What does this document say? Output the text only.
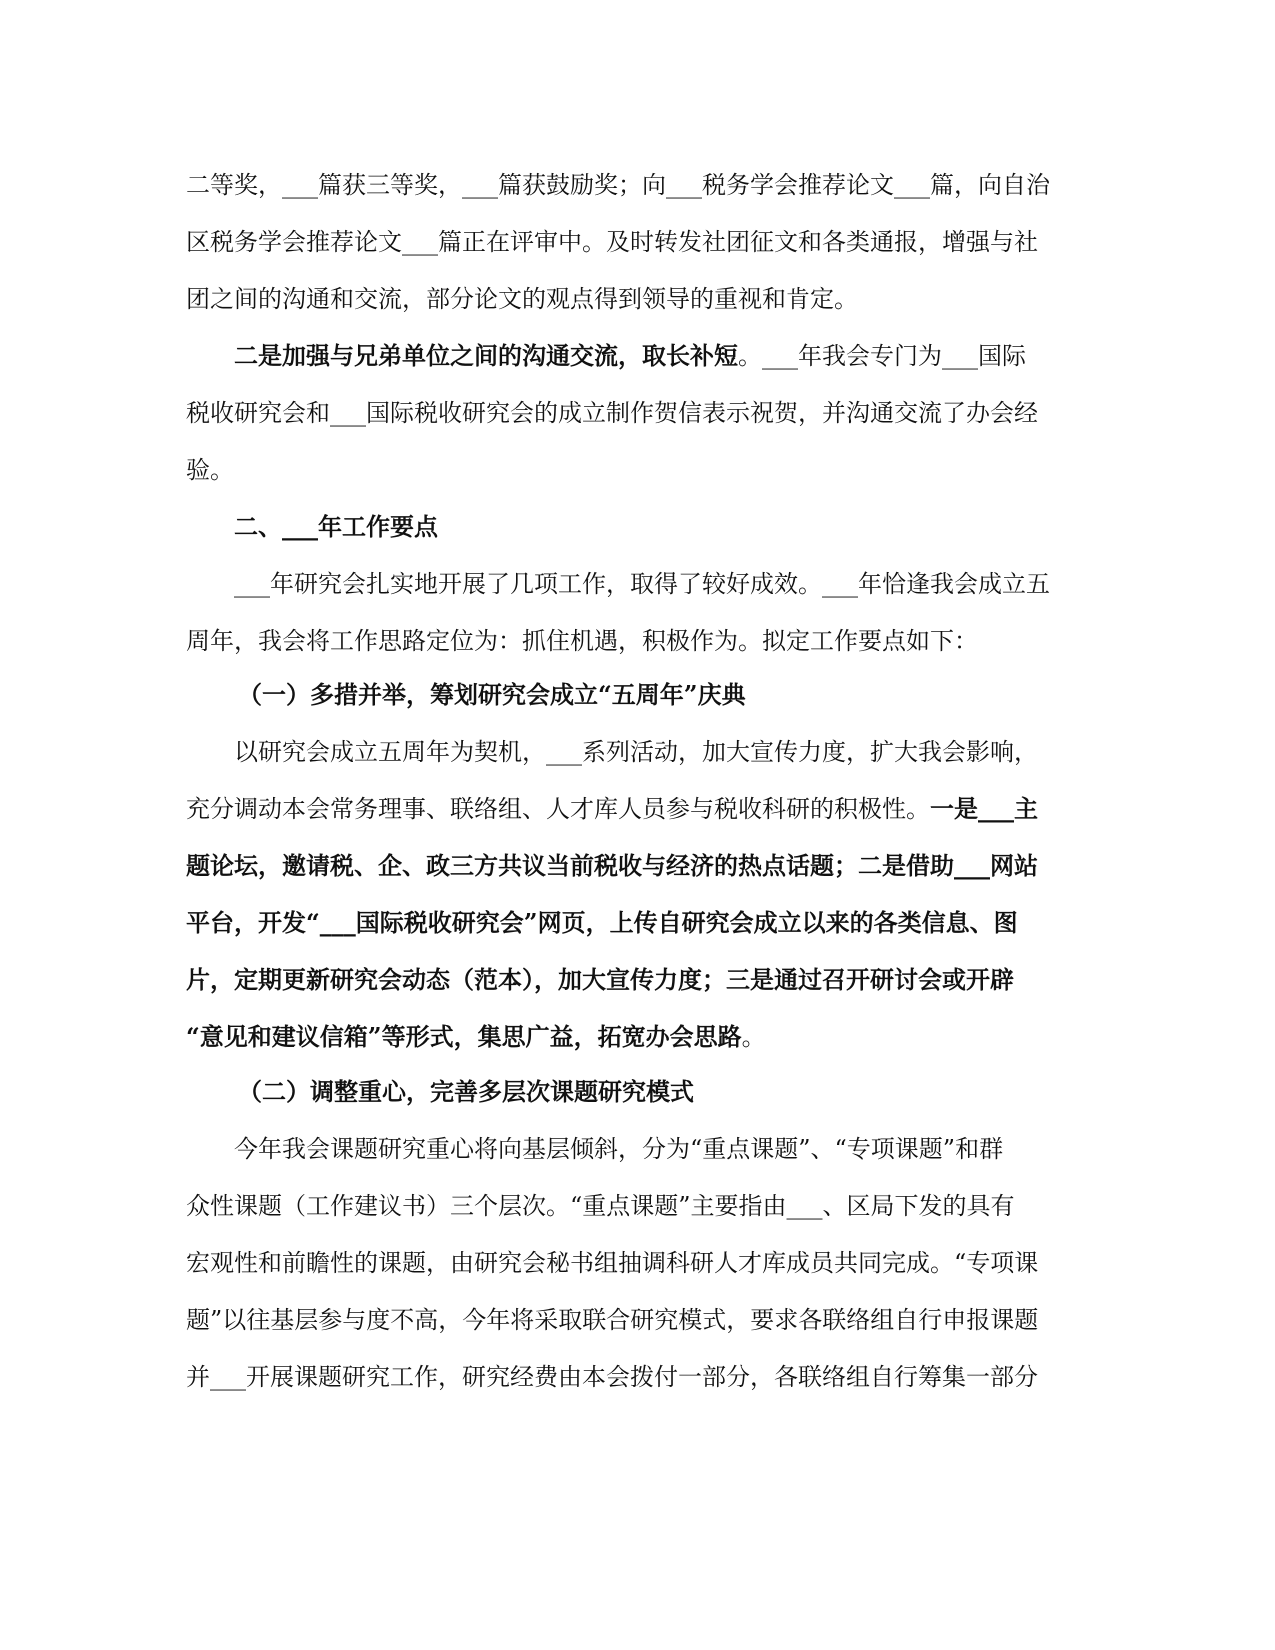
二等奖，___篇获三等奖，___篇获鼓励奖；向___税务学会推荐论文___篇，向自治
区税务学会推荐论文___篇正在评审中。及时转发社团征文和各类通报，增强与社
团之间的沟通和交流，部分论文的观点得到领导的重视和肯定。
二是加强与兄弟单位之间的沟通交流，取长补短。___年我会专门为___国际
税收研究会和___国际税收研究会的成立制作贺信表示祝贺，并沟通交流了办会经
验。
二、___年工作要点
___年研究会扎实地开展了几项工作，取得了较好成效。___年恰逢我会成立五
周年，我会将工作思路定位为：抓住机遇，积极作为。拟定工作要点如下：
（一）多措并举，筹划研究会成立“五周年”庆典
以研究会成立五周年为契机，___系列活动，加大宣传力度，扩大我会影响，
充分调动本会常务理事、联络组、人才库人员参与税收科研的积极性。一是___主
题论坛，邀请税、企、政三方共议当前税收与经济的热点话题；二是借助___网站
平台，开发“___国际税收研究会”网页，上传自研究会成立以来的各类信息、图
片，定期更新研究会动态（范本），加大宣传力度；三是通过召开研讨会或开辟
“意见和建议信箱”等形式，集思广益，拓宽办会思路。
（二）调整重心，完善多层次课题研究模式
今年我会课题研究重心将向基层倾斜，分为“重点课题”、“专项课题”和群
众性课题（工作建议书）三个层次。“重点课题”主要指由___、区局下发的具有
宏观性和前瞻性的课题，由研究会秘书组抽调科研人才库成员共同完成。“专项课
题”以往基层参与度不高，今年将采取联合研究模式，要求各联络组自行申报课题
并___开展课题研究工作，研究经费由本会拨付一部分，各联络组自行筹集一部分
